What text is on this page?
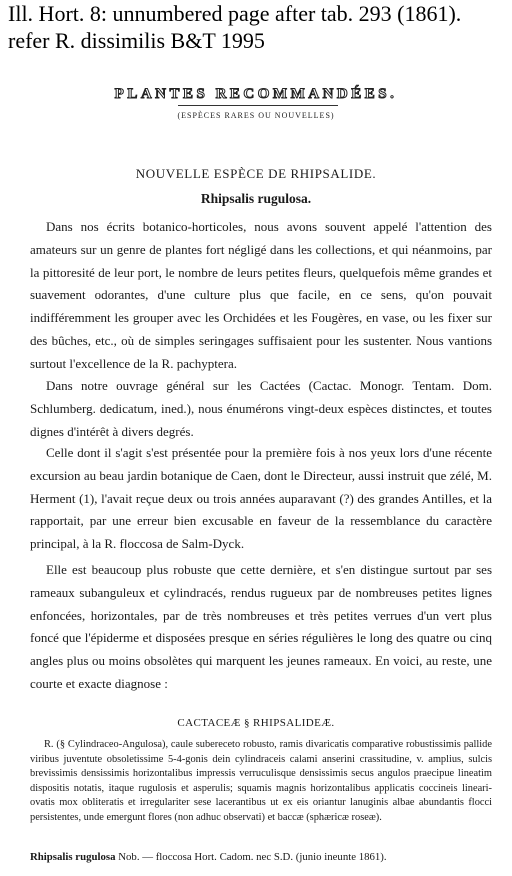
Ill. Hort. 8: unnumbered page after tab. 293 (1861).
refer R. dissimilis B&T 1995
PLANTES RECOMMANDÉES.
(ESPÈCES RARES OU NOUVELLES)
NOUVELLE ESPÈCE DE RHIPSALIDE.
Rhipsalis rugulosa.

Dans nos écrits botanico-horticoles, nous avons souvent appelé l'attention des amateurs sur un genre de plantes fort négligé dans les collections, et qui néanmoins, par la pittoresité de leur port, le nombre de leurs petites fleurs, quelquefois même grandes et suavement odorantes, d'une culture plus que facile, en ce sens, qu'on pouvait indifféremment les grouper avec les Orchidées et les Fougères, en vase, ou les fixer sur des bûches, etc., où de simples seringages suffisaient pour les sustenter. Nous vantions surtout l'excellence de la R. pachyptera.

Dans notre ouvrage général sur les Cactées (Cactac. Monogr. Tentam. Dom. Schlumberg. dedicatum, ined.), nous énumérons vingt-deux espèces distinctes, et toutes dignes d'intérêt à divers degrés.

Celle dont il s'agit s'est présentée pour la première fois à nos yeux lors d'une récente excursion au beau jardin botanique de Caen, dont le Directeur, aussi instruit que zélé, M. Herment (1), l'avait reçue deux ou trois années auparavant (?) des grandes Antilles, et la rapportait, par une erreur bien excusable en faveur de la ressemblance du caractère principal, à la R. floccosa de Salm-Dyck.

Elle est beaucoup plus robuste que cette dernière, et s'en distingue surtout par ses rameaux subanguleux et cylindracés, rendus rugueux par de nombreuses petites lignes enfoncées, horizontales, par de très nombreuses et très petites verrues d'un vert plus foncé que l'épiderme et disposées presque en séries régulières le long des quatre ou cinq angles plus ou moins obsolètes qui marquent les jeunes rameaux. En voici, au reste, une courte et exacte diagnose :

CACTACEÆ § RHIPSALIDEÆ.

R. (§ Cylindraceo-Angulosa), caule subereceto robusto, ramis divaricatis comparative robustissimis pallide viribus juventute obsoletissime 5-4-gonis dein cylindraceis calami anserini crassitudine, v. amplius, sulcis brevissimis densissimis horizontalibus impressis verruculisque densissimis secus angulos praecipue lineatim dispositis notatis, itaque rugulosis et asperulis; squamis magnis horizontalibus applicatis coccineis lineari-ovatis mox obliteratis et irregulariter sese lacerantibus ut ex eis oriantur lanuginis albae abundantis flocci persistentes, unde emergunt flores (non adhuc observati) et baccæ (sphæricæ roseæ).

Rhipsalis rugulosa Nob. — floccosa Hort. Cadom. nec S.D. (junio ineunte 1861).
